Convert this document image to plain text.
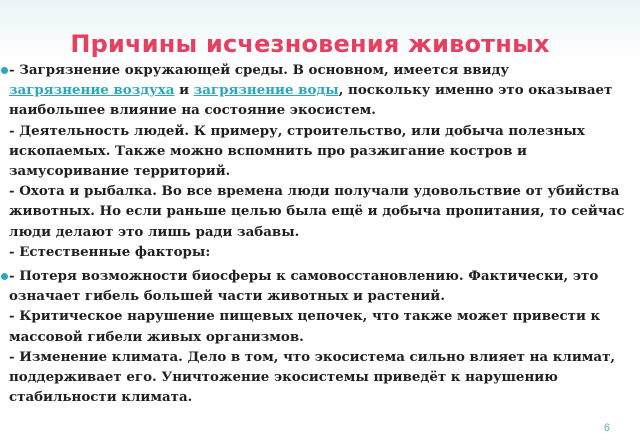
Причины исчезновения животных
- Загрязнение окружающей среды. В основном, имеется ввиду
загрязнение воздуха и загрязнение воды, поскольку именно это оказывает наибольшее влияние на состояние экосистем.
- Деятельность людей. К примеру, строительство, или добыча полезных ископаемых. Также можно вспомнить про разжигание костров и замусоривание территорий.
- Охота и рыбалка. Во все времена люди получали удовольствие от убийства животных. Но если раньше целью была ещё и добыча пропитания, то сейчас люди делают это лишь ради забавы.
- Естественные факторы:
- Потеря возможности биосферы к самовосстановлению. Фактически, это означает гибель большей части животных и растений.
- Критическое нарушение пищевых цепочек, что также может привести к массовой гибели живых организмов.
- Изменение климата. Дело в том, что экосистема сильно влияет на климат, поддерживает его. Уничтожение экосистемы приведёт к нарушению стабильности климата.
6
